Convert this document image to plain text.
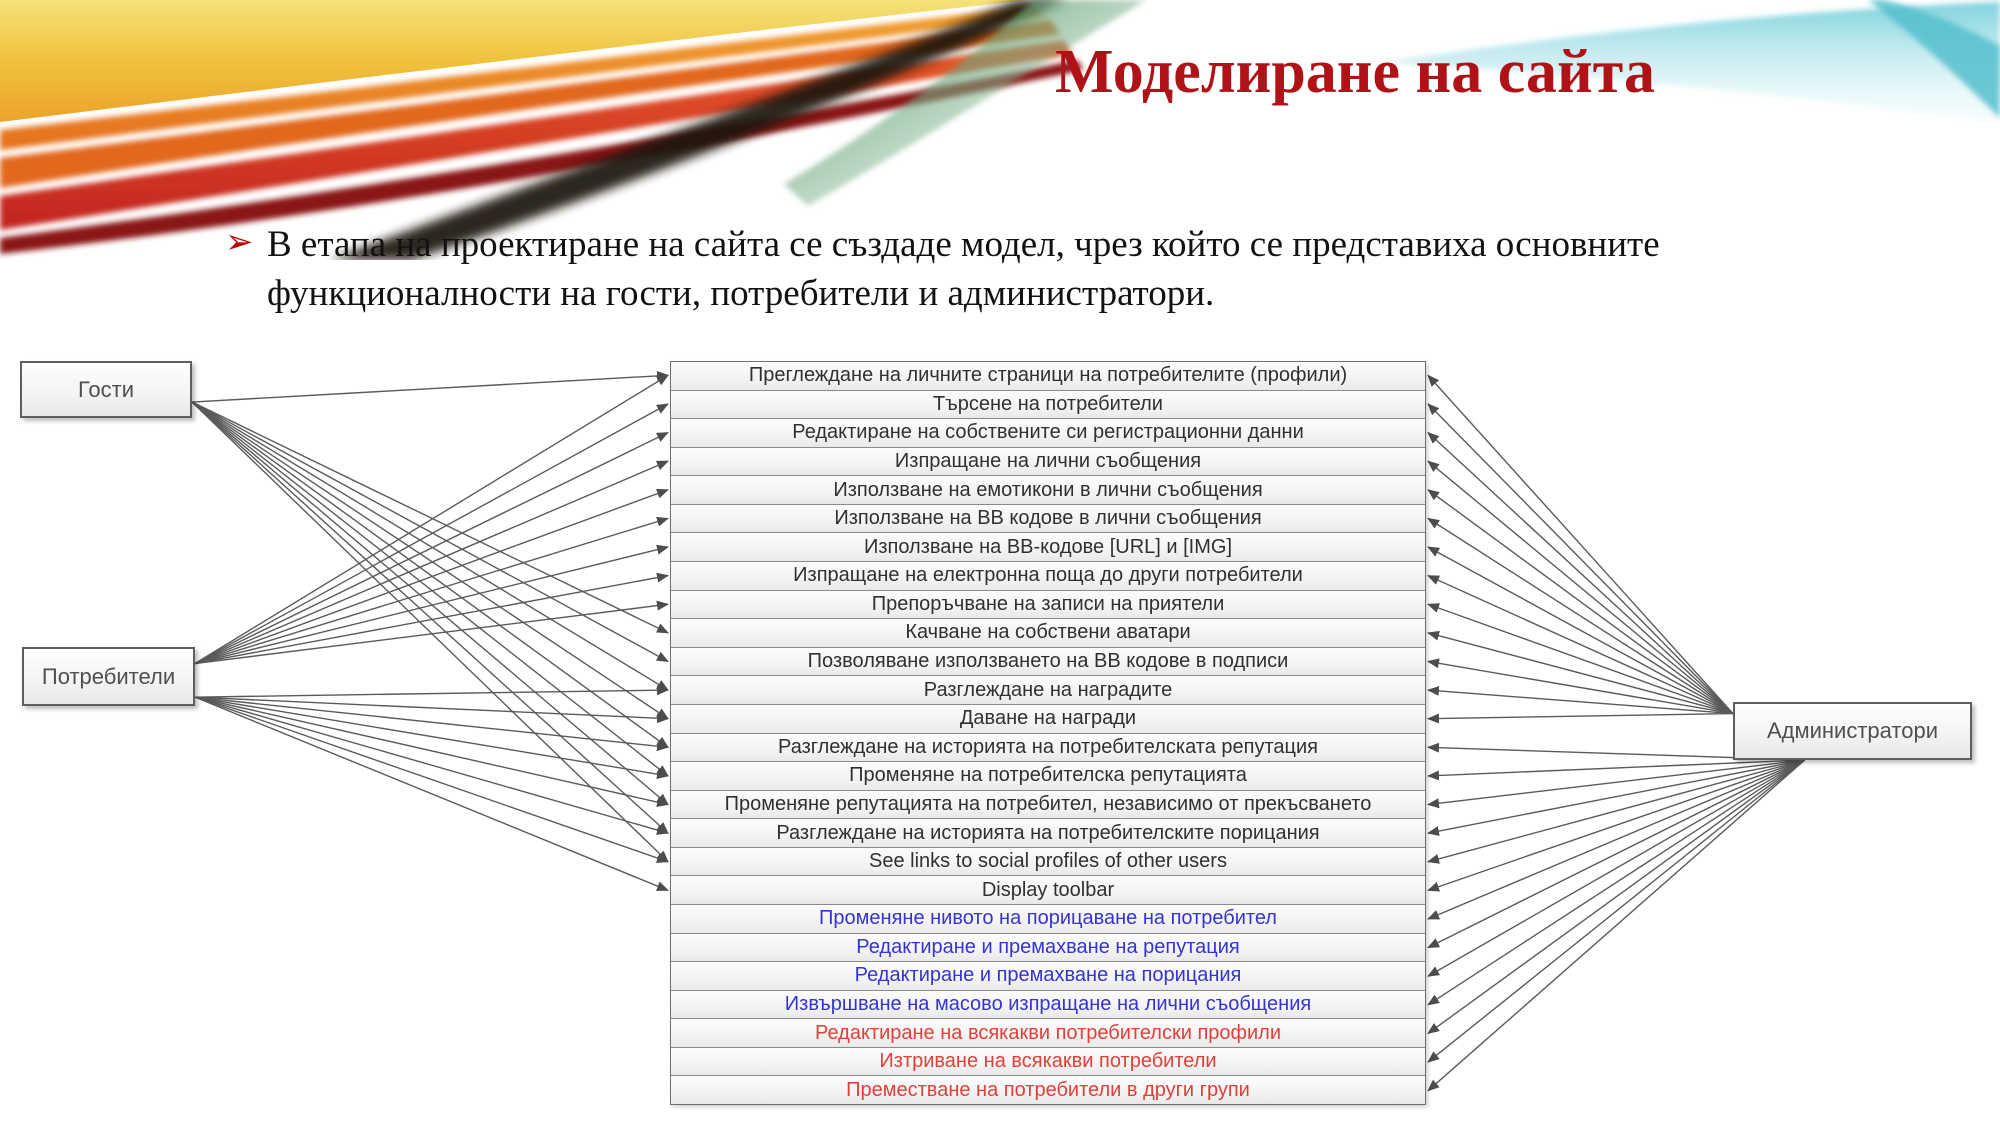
Моделиране на сайта
➢ В етапа на проектиране на сайта се създаде модел, чрез който се представиха основните функционалности на гости, потребители и администратори.
Гости
Потребители
Администратори
Преглеждане на личните страници на потребителите (профили)
Търсене на потребители
Редактиране на собствените си регистрационни данни
Изпращане на лични съобщения
Използване на емотикони в лични съобщения
Използване на BB кодове в лични съобщения
Използване на BB-кодове [URL] и [IMG]
Изпращане на електронна поща до други потребители
Препоръчване на записи на приятели
Качване на собствени аватари
Позволяване използването на BB кодове в подписи
Разглеждане на наградите
Даване на награди
Разглеждане на историята на потребителската репутация
Променяне на потребителска репутацията
Променяне репутацията на потребител, независимо от прекъсването
Разглеждане на историята на потребителските порицания
See links to social profiles of other users
Display toolbar
Променяне нивото на порицаване на потребител
Редактиране и премахване на репутация
Редактиране и премахване на порицания
Извършване на масово изпращане на лични съобщения
Редактиране на всякакви потребителски профили
Изтриване на всякакви потребители
Преместване на потребители в други групи
